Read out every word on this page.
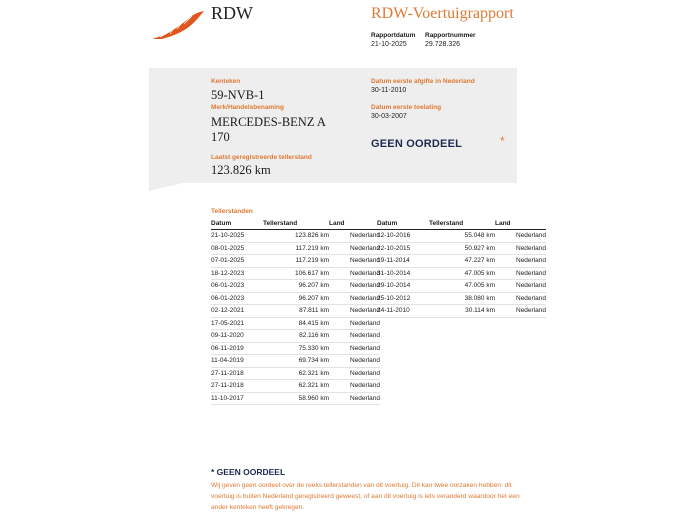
RDW	RDW-Voertuigrapport
Rapportdatum Rapportnummer
21-10-2025	29.728.326
Kenteken
59-NVB-1
Merk/Handelsbenaming
MERCEDES-BENZ A
170
Laatst geregistreerde tellerstand
123.826 km
Datum eerste afgifte in Nederland
30-11-2010
Datum eerste toelating
30-03-2007
GEEN OORDEEL	*
Tellerstanden
Datum	Tellerstand	Land
21-10-2025	123.826 km	Nederland
08-01-2025	117.219 km	Nederland
07-01-2025	117.219 km	Nederland
18-12-2023	106.617 km	Nederland
06-01-2023	96.207 km	Nederland
06-01-2023	96.207 km	Nederland
02-12-2021	87.811 km	Nederland
17-05-2021	84.415 km	Nederland
09-11-2020	82.116 km	Nederland
06-11-2019	75.330 km	Nederland
11-04-2019	69.734 km	Nederland
27-11-2018	62.321 km	Nederland
27-11-2018	62.321 km	Nederland
11-10-2017	58.960 km	Nederland
Datum	Tellerstand	Land
12-10-2016	55.048 km	Nederland
22-10-2015	50.927 km	Nederland
19-11-2014	47.227 km	Nederland
31-10-2014	47.005 km	Nederland
29-10-2014	47.005 km	Nederland
25-10-2012	38.080 km	Nederland
24-11-2010	30.114 km	Nederland
* GEEN OORDEEL
Wij geven geen oordeel over de reeks tellerstanden van dit voertuig. Dit kan twee oorzaken hebben: dit voertuig is buiten Nederland geregistreerd geweest, of aan dit voertuig is iets veranderd waardoor het een ander kenteken heeft gekregen.
